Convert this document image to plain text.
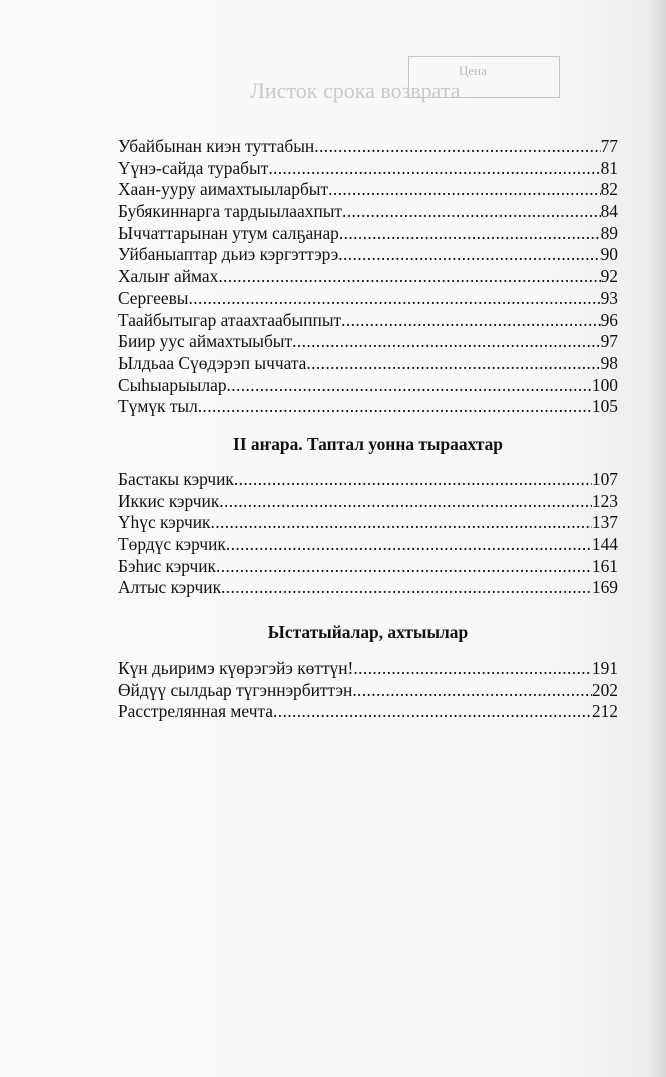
Листок срока возврата
Цена
Убайбынан киэн туттабын .....	77
Үүнэ-сайда турабыт .....	81
Хаан-ууру аимахтыыларбыт .....	82
Бубякиннарга тардыылаахпыт .....	84
Ыччаттарынан утум салҕанар .....	89
Уйбаныаптар дьиэ кэргэттэрэ .....	90
Халыҥ аймах .....	92
Сергеевы .....	93
Таайбытыгар атаахтаабыппыт .....	96
Биир уус аймахтыыбыт .....	97
Ылдьаа Сүөдэрэп ыччата .....	98
Сыһыарыылар .....	100
Түмүк тыл .....	105
II аҥара. Таптал уонна тыраахтар
Бастакы кэрчик .....	107
Иккис кэрчик .....	123
Үһүс кэрчик .....	137
Төрдүс кэрчик .....	144
Бэһис кэрчик .....	161
Алтыс кэрчик .....	169
Ыстатыйалар, ахтыылар
Күн дьиримэ күөрэгэйэ көттүн! .....	191
Өйдүү сылдьар түгэннэрбиттэн .....	202
Расстрелянная мечта .....	212
